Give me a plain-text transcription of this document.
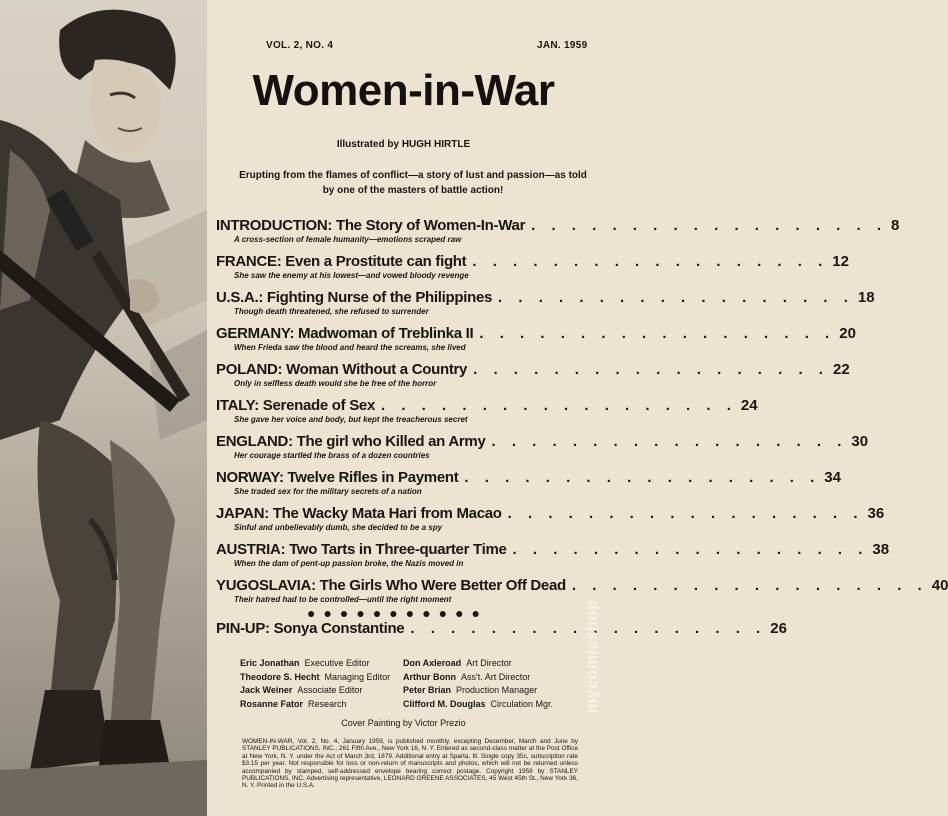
VOL. 2, NO. 4	JAN. 1959
Women-in-War
Illustrated by HUGH HIRTLE
Erupting from the flames of conflict—a story of lust and passion—as told by one of the masters of battle action!
INTRODUCTION: The Story of Women-In-War . . . . . . . . . . . . . . . . . . 8
A cross-section of female humanity—emotions scraped raw
FRANCE: Even a Prostitute can fight . . . . . . . . . . . . . . . . . . 12
She saw the enemy at his lowest—and vowed bloody revenge
U.S.A.: Fighting Nurse of the Philippines . . . . . . . . . . . . . . . . . . 18
Though death threatened, she refused to surrender
GERMANY: Madwoman of Treblinka II . . . . . . . . . . . . . . . . . . 20
When Frieda saw the blood and heard the screams, she lived
POLAND: Woman Without a Country . . . . . . . . . . . . . . . . . . 22
Only in selfless death would she be free of the horror
ITALY: Serenade of Sex . . . . . . . . . . . . . . . . . . 24
She gave her voice and body, but kept the treacherous secret
ENGLAND: The girl who Killed an Army . . . . . . . . . . . . . . . . . . 30
Her courage startled the brass of a dozen countries
NORWAY: Twelve Rifles in Payment . . . . . . . . . . . . . . . . . . 34
She traded sex for the military secrets of a nation
JAPAN: The Wacky Mata Hari from Macao . . . . . . . . . . . . . . . . . . 36
Sinful and unbelievably dumb, she decided to be a spy
AUSTRIA: Two Tarts in Three-quarter Time . . . . . . . . . . . . . . . . . . 38
When the dam of pent-up passion broke, the Nazis moved in
YUGOSLAVIA: The Girls Who Were Better Off Dead . . . . . . . . . . . . . . . . . . 40
Their hatred had to be controlled—until the right moment
●●●●●●●●●●●
PIN-UP: Sonya Constantine . . . . . . . . . . . . . . . . . . 26
Eric Jonathan Executive Editor
Theodore S. Hecht Managing Editor
Jack Weiner Associate Editor
Rosanne Fator Research
Don Axleroad Art Director
Arthur Bonn Ass't. Art Director
Peter Brian Production Manager
Clifford M. Douglas Circulation Mgr.
Cover Painting by Victor Prezio
WOMEN-IN-WAR, Vol. 2, No. 4, January 1959, is published monthly, excepting December, March and June by STANLEY PUBLICATIONS, INC., 261 Fifth Ave., New York 16, N. Y. Entered as second-class matter at the Post Office at New York, N. Y. under the Act of March 3rd, 1879. Additional entry at Sparta, Ill. Single copy 35c, subscription rate $3.15 per year. Not responsible for loss or non-return of manuscripts and photos, which will not be returned unless accompanied by stamped, self-addressed envelope bearing correct postage. Copyright 1958 by STANLEY PUBLICATIONS, INC. Advertising representative, LEONARD GREENE ASSOCIATES, 45 West 45th St., New York 36, N. Y. Printed in the U.S.A.
mycomicshop
